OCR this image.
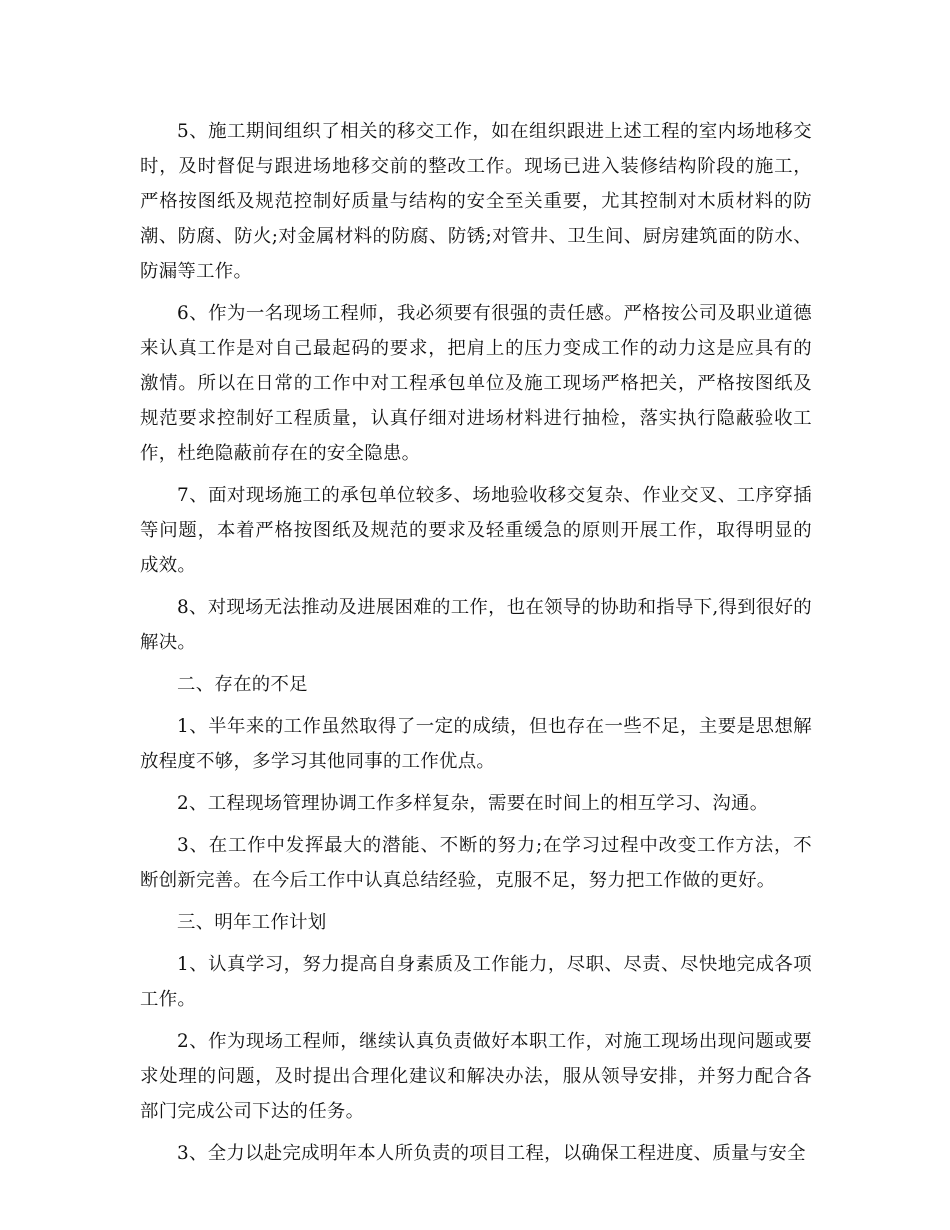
5、施工期间组织了相关的移交工作，如在组织跟进上述工程的室内场地移交时，及时督促与跟进场地移交前的整改工作。现场已进入装修结构阶段的施工，严格按图纸及规范控制好质量与结构的安全至关重要，尤其控制对木质材料的防潮、防腐、防火;对金属材料的防腐、防锈;对管井、卫生间、厨房建筑面的防水、防漏等工作。

6、作为一名现场工程师，我必须要有很强的责任感。严格按公司及职业道德来认真工作是对自己最起码的要求，把肩上的压力变成工作的动力这是应具有的激情。所以在日常的工作中对工程承包单位及施工现场严格把关，严格按图纸及规范要求控制好工程质量，认真仔细对进场材料进行抽检，落实执行隐蔽验收工作，杜绝隐蔽前存在的安全隐患。

7、面对现场施工的承包单位较多、场地验收移交复杂、作业交叉、工序穿插等问题，本着严格按图纸及规范的要求及轻重缓急的原则开展工作，取得明显的成效。

8、对现场无法推动及进展困难的工作，也在领导的协助和指导下,得到很好的解决。

二、存在的不足

1、半年来的工作虽然取得了一定的成绩，但也存在一些不足，主要是思想解放程度不够，多学习其他同事的工作优点。

2、工程现场管理协调工作多样复杂，需要在时间上的相互学习、沟通。

3、在工作中发挥最大的潜能、不断的努力;在学习过程中改变工作方法，不断创新完善。在今后工作中认真总结经验，克服不足，努力把工作做的更好。

三、明年工作计划

1、认真学习，努力提高自身素质及工作能力，尽职、尽责、尽快地完成各项工作。

2、作为现场工程师，继续认真负责做好本职工作，对施工现场出现问题或要求处理的问题，及时提出合理化建议和解决办法，服从领导安排，并努力配合各部门完成公司下达的任务。

3、全力以赴完成明年本人所负责的项目工程，以确保工程进度、质量与安全
